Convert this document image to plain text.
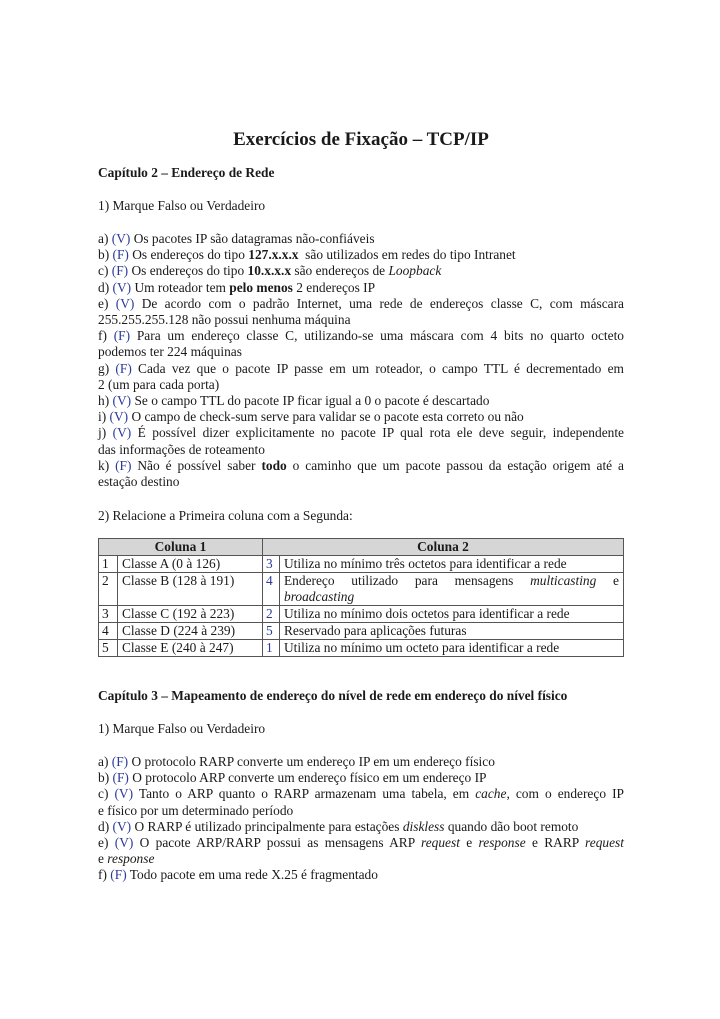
Exercícios de Fixação – TCP/IP

Capítulo 2 – Endereço de Rede

1) Marque Falso ou Verdadeiro

a) (V) Os pacotes IP são datagramas não-confiáveis
b) (F) Os endereços do tipo 127.x.x.x  são utilizados em redes do tipo Intranet
c) (F) Os endereços do tipo 10.x.x.x são endereços de Loopback
d) (V) Um roteador tem pelo menos 2 endereços IP
e) (V) De acordo com o padrão Internet, uma rede de endereços classe C, com máscara
255.255.255.128 não possui nenhuma máquina
f) (F) Para um endereço classe C, utilizando-se uma máscara com 4 bits no quarto octeto
podemos ter 224 máquinas
g) (F) Cada vez que o pacote IP passe em um roteador, o campo TTL é decrementado em
2 (um para cada porta)
h) (V) Se o campo TTL do pacote IP ficar igual a 0 o pacote é descartado
i) (V) O campo de check-sum serve para validar se o pacote esta correto ou não
j) (V) É possível dizer explicitamente no pacote IP qual rota ele deve seguir, independente
das informações de roteamento
k) (F) Não é possível saber todo o caminho que um pacote passou da estação origem até a
estação destino

2) Relacione a Primeira coluna com a Segunda:

Coluna 1		Coluna 2	
1	Classe A (0 à 126)	3	Utiliza no mínimo três octetos para identificar a rede
2	Classe B (128 à 191)	4	Endereço utilizado para mensagens multicasting e
broadcasting
3	Classe C (192 à 223)	2	Utiliza no mínimo dois octetos para identificar a rede
4	Classe D (224 à 239)	5	Reservado para aplicações futuras
5	Classe E (240 à 247)	1	Utiliza no mínimo um octeto para identificar a rede

Capítulo 3 – Mapeamento de endereço do nível de rede em endereço do nível físico

1) Marque Falso ou Verdadeiro

a) (F) O protocolo RARP converte um endereço IP em um endereço físico
b) (F) O protocolo ARP converte um endereço físico em um endereço IP
c) (V) Tanto o ARP quanto o RARP armazenam uma tabela, em cache, com o endereço IP
e físico por um determinado período
d) (V) O RARP é utilizado principalmente para estações diskless quando dão boot remoto
e) (V) O pacote ARP/RARP possui as mensagens ARP request e response e RARP request
e response
f) (F) Todo pacote em uma rede X.25 é fragmentado
